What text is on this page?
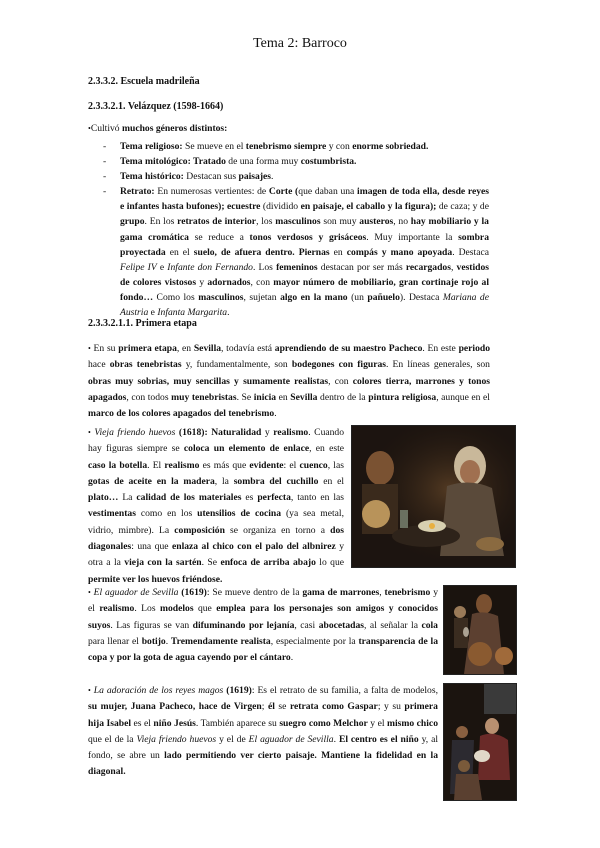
Tema 2: Barroco
2.3.3.2. Escuela madrileña
2.3.3.2.1. Velázquez (1598-1664)
•Cultivó muchos géneros distintos:
- Tema religioso: Se mueve en el tenebrismo siempre y con enorme sobriedad.
- Tema mitológico: Tratado de una forma muy costumbrista.
- Tema histórico: Destacan sus paisajes.
- Retrato: En numerosas vertientes: de Corte (que daban una imagen de toda ella, desde reyes e infantes hasta bufones); ecuestre (dividido en paisaje, el caballo y la figura); de caza; y de grupo. En los retratos de interior, los masculinos son muy austeros, no hay mobiliario y la gama cromática se reduce a tonos verdosos y grisáceos. Muy importante la sombra proyectada en el suelo, de afuera dentro. Piernas en compás y mano apoyada. Destaca Felipe IV e Infante don Fernando. Los femeninos destacan por ser más recargados, vestidos de colores vistosos y adornados, con mayor número de mobiliario, gran cortinaje rojo al fondo… Como los masculinos, sujetan algo en la mano (un pañuelo). Destaca Mariana de Austria e Infanta Margarita.
2.3.3.2.1.1. Primera etapa
• En su primera etapa, en Sevilla, todavía está aprendiendo de su maestro Pacheco. En este periodo hace obras tenebristas y, fundamentalmente, son bodegones con figuras. En líneas generales, son obras muy sobrias, muy sencillas y sumamente realistas, con colores tierra, marrones y tonos apagados, con todos muy tenebristas. Se inicia en Sevilla dentro de la pintura religiosa, aunque en el marco de los colores apagados del tenebrismo.
• Vieja friendo huevos (1618): Naturalidad y realismo. Cuando hay figuras siempre se coloca un elemento de enlace, en este caso la botella. El realismo es más que evidente: el cuenco, las gotas de aceite en la madera, la sombra del cuchillo en el plato… La calidad de los materiales es perfecta, tanto en las vestimentas como en los utensilios de cocina (ya sea metal, vidrio, mimbre). La composición se organiza en torno a dos diagonales: una que enlaza al chico con el palo del albnirez y otra a la vieja con la sartén. Se enfoca de arriba abajo lo que permite ver los huevos friéndose.
• El aguador de Sevilla (1619): Se mueve dentro de la gama de marrones, tenebrismo y el realismo. Los modelos que emplea para los personajes son amigos y conocidos suyos. Las figuras se van difuminando por lejanía, casi abocetadas, al señalar la cola para llenar el botijo. Tremendamente realista, especialmente por la transparencia de la copa y por la gota de agua cayendo por el cántaro.
• La adoración de los reyes magos (1619): Es el retrato de su familia, a falta de modelos, su mujer, Juana Pacheco, hace de Virgen; él se retrata como Gaspar; y su primera hija Isabel es el niño Jesús. También aparece su suegro como Melchor y el mismo chico que el de la Vieja friendo huevos y el de El aguador de Sevilla. El centro es el niño y, al fondo, se abre un lado permitiendo ver cierto paisaje. Mantiene la fidelidad en la diagonal.
